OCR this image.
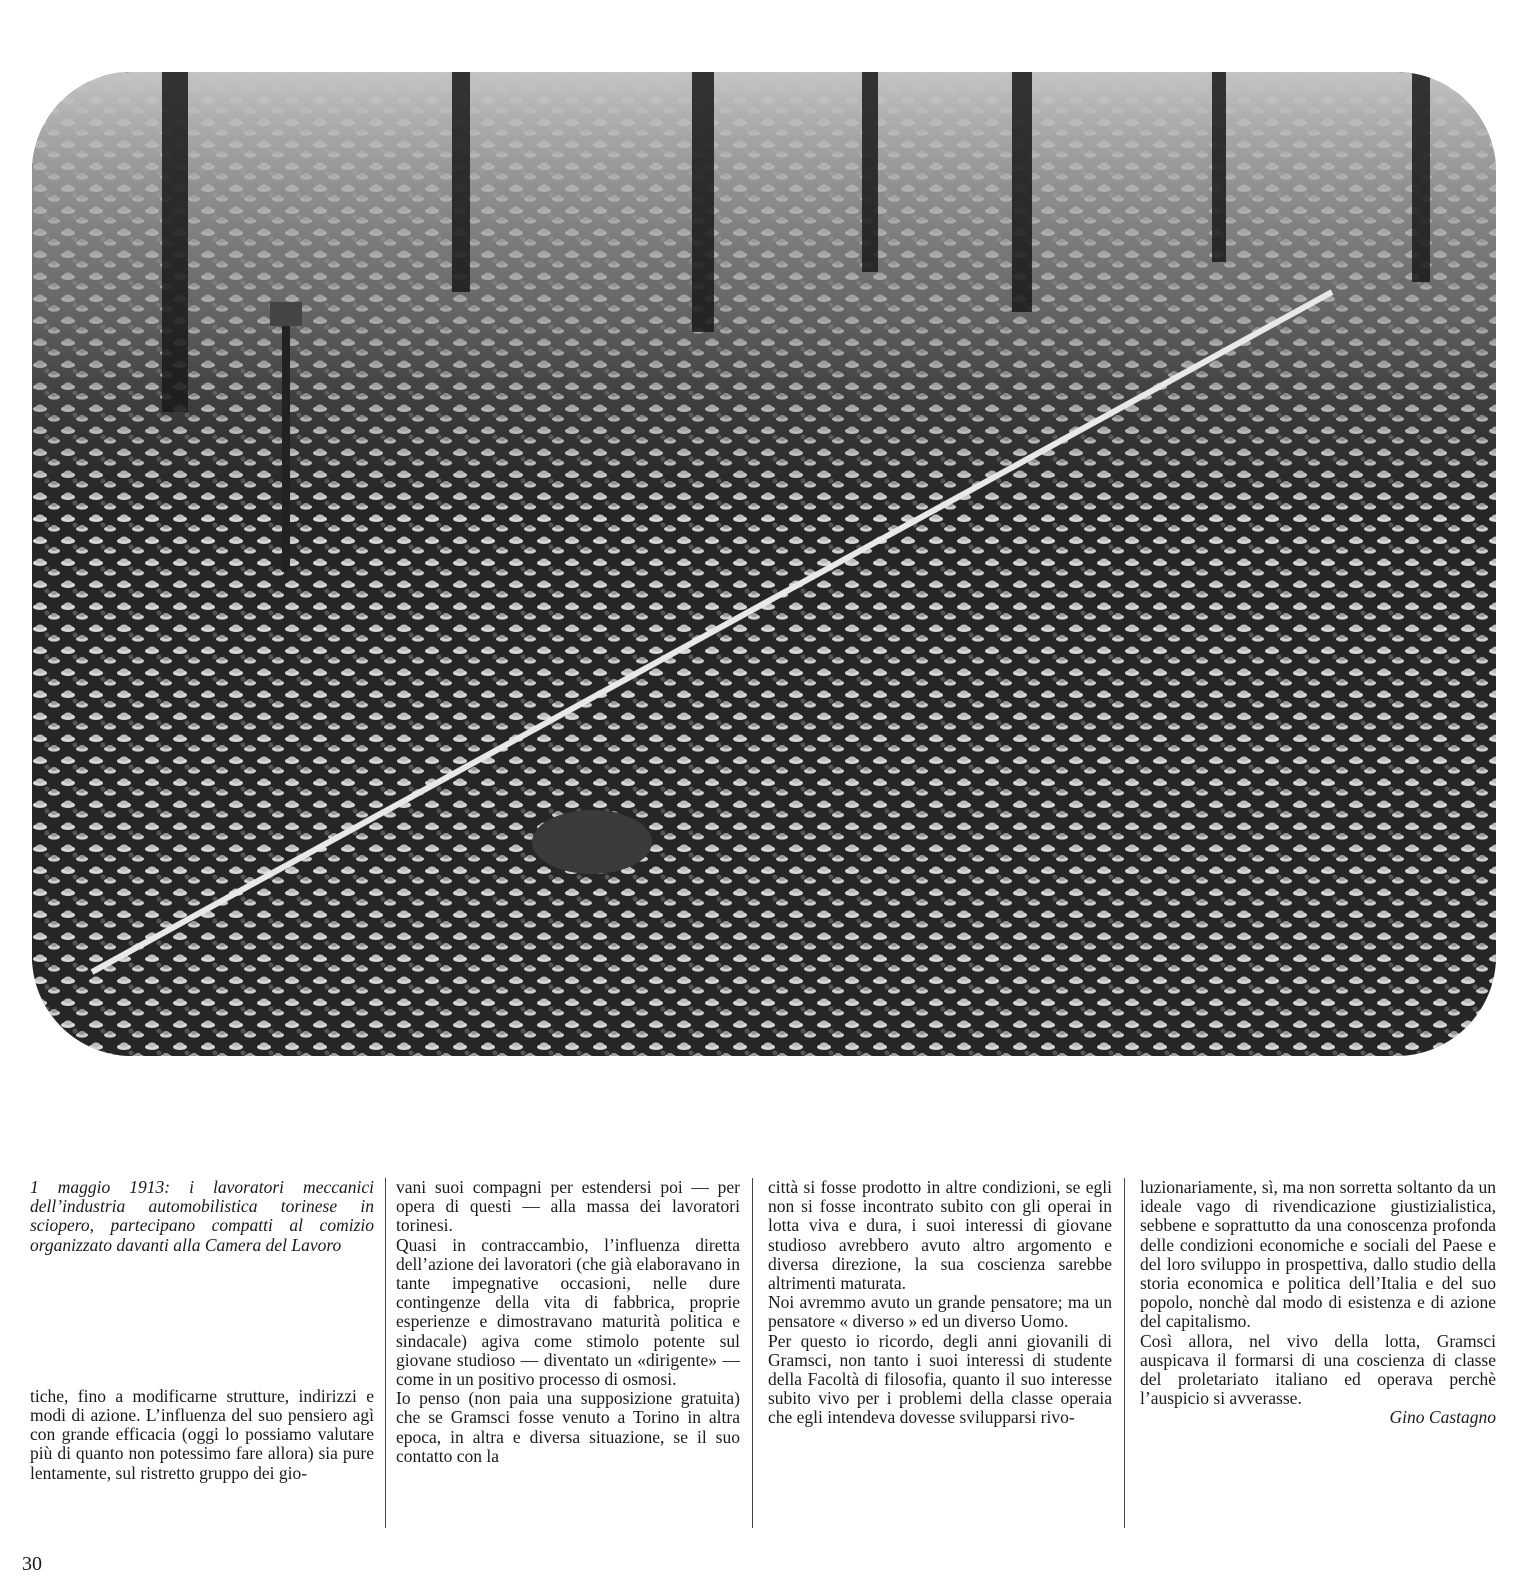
1 maggio 1913: i lavoratori meccanici dell’industria automobilistica torinese in sciopero, partecipano compatti al comizio organizzato davanti alla Camera del Lavoro

tiche, fino a modificarne strutture, indirizzi e modi di azione. L’influenza del suo pensiero agì con grande efficacia (oggi lo possiamo valutare più di quanto non potessimo fare allora) sia pure lentamente, sul ristretto gruppo dei gio-

vani suoi compagni per estendersi poi — per opera di questi — alla massa dei lavoratori torinesi.

Quasi in contraccambio, l’influenza diretta dell’azione dei lavoratori (che già elaboravano in tante impegnative occasioni, nelle dure contingenze della vita di fabbrica, proprie esperienze e dimostravano maturità politica e sindacale) agiva come stimolo potente sul giovane studioso — diventato un «dirigente» — come in un positivo processo di osmosi.

Io penso (non paia una supposizione gratuita) che se Gramsci fosse venuto a Torino in altra epoca, in altra e diversa situazione, se il suo contatto con la

città si fosse prodotto in altre condizioni, se egli non si fosse incontrato subito con gli operai in lotta viva e dura, i suoi interessi di giovane studioso avrebbero avuto altro argomento e diversa direzione, la sua coscienza sarebbe altrimenti maturata.

Noi avremmo avuto un grande pensatore; ma un pensatore « diverso » ed un diverso Uomo.

Per questo io ricordo, degli anni giovanili di Gramsci, non tanto i suoi interessi di studente della Facoltà di filosofia, quanto il suo interesse subito vivo per i problemi della classe operaia che egli intendeva dovesse svilupparsi rivo-

luzionariamente, sì, ma non sorretta soltanto da un ideale vago di rivendicazione giustizialistica, sebbene e soprattutto da una conoscenza profonda delle condizioni economiche e sociali del Paese e del loro sviluppo in prospettiva, dallo studio della storia economica e politica dell’Italia e del suo popolo, nonchè dal modo di esistenza e di azione del capitalismo.

Così allora, nel vivo della lotta, Gramsci auspicava il formarsi di una coscienza di classe del proletariato italiano ed operava perchè l’auspicio si avverasse.

Gino Castagno

30
